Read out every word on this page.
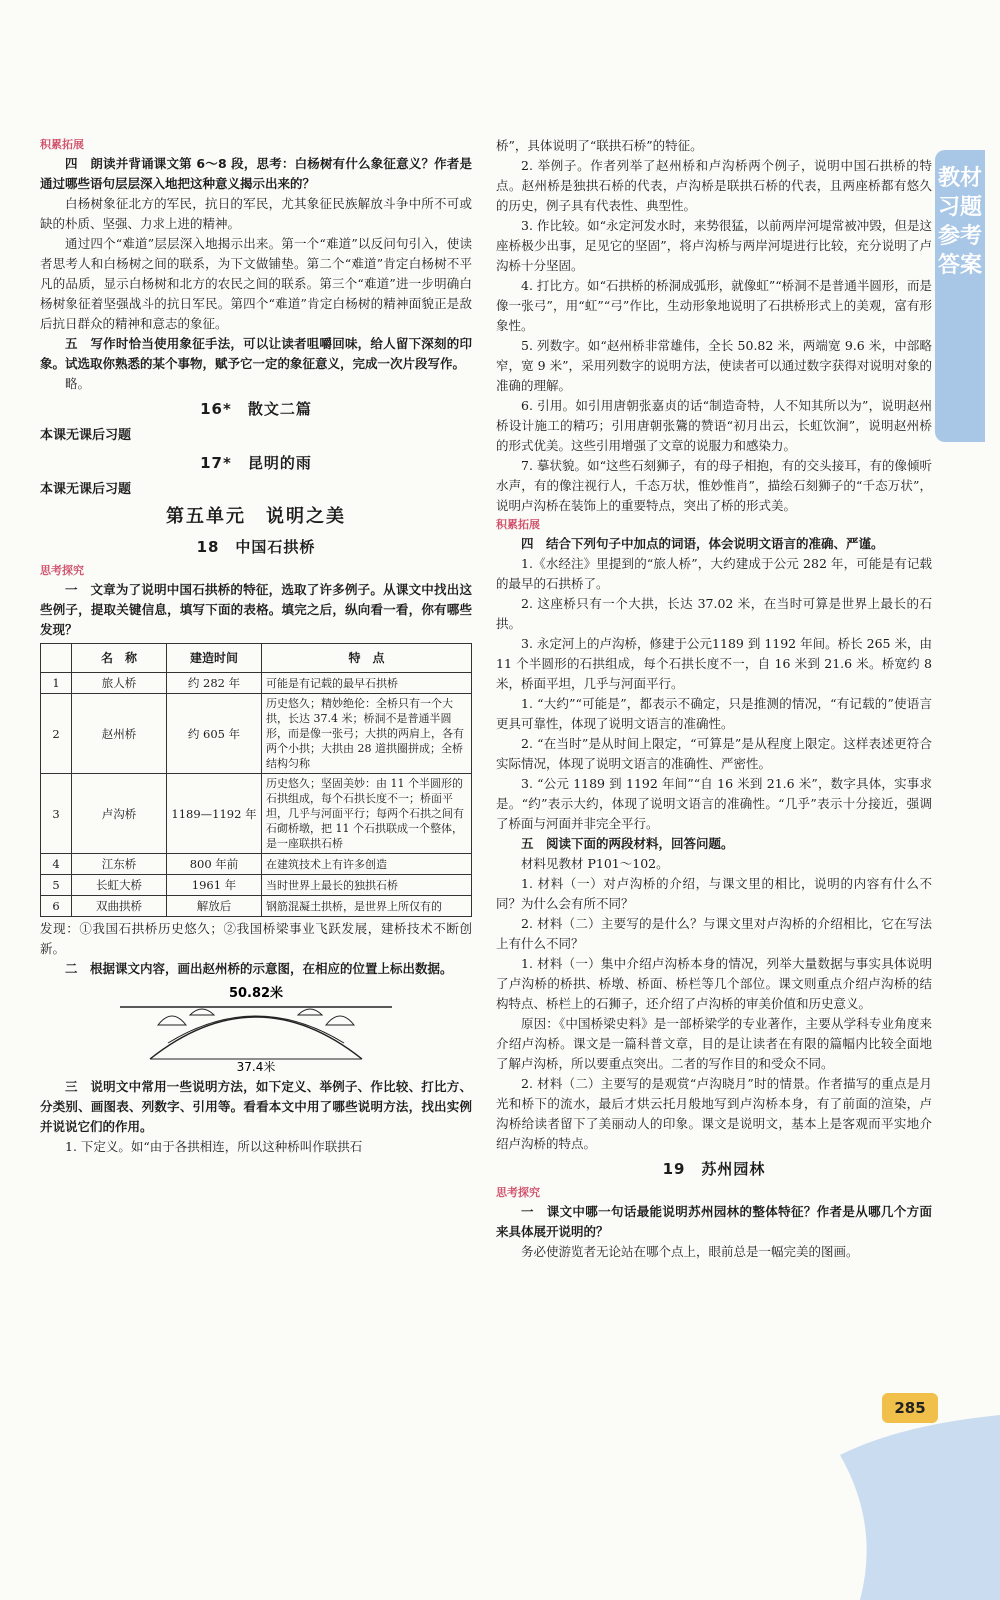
教材习题参考答案
积累拓展

四　朗读并背诵课文第 6～8 段，思考：白杨树有什么象征意义？作者是通过哪些语句层层深入地把这种意义揭示出来的？

白杨树象征北方的军民，抗日的军民，尤其象征民族解放斗争中所不可或缺的朴质、坚强、力求上进的精神。

通过四个“难道”层层深入地揭示出来。第一个“难道”以反问句引入，使读者思考人和白杨树之间的联系，为下文做铺垫。第二个“难道”肯定白杨树不平凡的品质，显示白杨树和北方的农民之间的联系。第三个“难道”进一步明确白杨树象征着坚强战斗的抗日军民。第四个“难道”肯定白杨树的精神面貌正是敌后抗日群众的精神和意志的象征。

五　写作时恰当使用象征手法，可以让读者咀嚼回味，给人留下深刻的印象。试选取你熟悉的某个事物，赋予它一定的象征意义，完成一次片段写作。

略。

16*　散文二篇
本课无课后习题
17*　昆明的雨
本课无课后习题
第五单元　说明之美
18　中国石拱桥
思考探究

一　文章为了说明中国石拱桥的特征，选取了许多例子。从课文中找出这些例子，提取关键信息，填写下面的表格。填完之后，纵向看一看，你有哪些发现？

	名　称	建造时间	特　点
1	旅人桥	约 282 年	可能是有记载的最早石拱桥
2	赵州桥	约 605 年	历史悠久；精妙绝伦：全桥只有一个大拱，长达 37.4 米；桥洞不是普通半圆形，而是像一张弓；大拱的两肩上，各有两个小拱；大拱由 28 道拱圈拼成；全桥结构匀称
3	卢沟桥	1189—1192 年	历史悠久；坚固美妙：由 11 个半圆形的石拱组成，每个石拱长度不一；桥面平坦，几乎与河面平行；每两个石拱之间有石砌桥墩，把 11 个石拱联成一个整体，是一座联拱石桥
4	江东桥	800 年前	在建筑技术上有许多创造
5	长虹大桥	1961 年	当时世界上最长的独拱石桥
6	双曲拱桥	解放后	钢筋混凝土拱桥，是世界上所仅有的

发现：①我国石拱桥历史悠久；②我国桥梁事业飞跃发展，建桥技术不断创新。

二　根据课文内容，画出赵州桥的示意图，在相应的位置上标出数据。

50.82米
37.4米

三　说明文中常用一些说明方法，如下定义、举例子、作比较、打比方、分类别、画图表、列数字、引用等。看看本文中用了哪些说明方法，找出实例并说说它们的作用。

1. 下定义。如“由于各拱相连，所以这种桥叫作联拱石

桥”，具体说明了“联拱石桥”的特征。

2. 举例子。作者列举了赵州桥和卢沟桥两个例子，说明中国石拱桥的特点。赵州桥是独拱石桥的代表，卢沟桥是联拱石桥的代表，且两座桥都有悠久的历史，例子具有代表性、典型性。

3. 作比较。如“永定河发水时，来势很猛，以前两岸河堤常被冲毁，但是这座桥极少出事，足见它的坚固”，将卢沟桥与两岸河堤进行比较，充分说明了卢沟桥十分坚固。

4. 打比方。如“石拱桥的桥洞成弧形，就像虹”“桥洞不是普通半圆形，而是像一张弓”，用“虹”“弓”作比，生动形象地说明了石拱桥形式上的美观，富有形象性。

5. 列数字。如“赵州桥非常雄伟，全长 50.82 米，两端宽 9.6 米，中部略窄，宽 9 米”，采用列数字的说明方法，使读者可以通过数字获得对说明对象的准确的理解。

6. 引用。如引用唐朝张嘉贞的话“制造奇特，人不知其所以为”，说明赵州桥设计施工的精巧；引用唐朝张鷟的赞语“初月出云，长虹饮涧”，说明赵州桥的形式优美。这些引用增强了文章的说服力和感染力。

7. 摹状貌。如“这些石刻狮子，有的母子相抱，有的交头接耳，有的像倾听水声，有的像注视行人，千态万状，惟妙惟肖”，描绘石刻狮子的“千态万状”，说明卢沟桥在装饰上的重要特点，突出了桥的形式美。

积累拓展

四　结合下列句子中加点的词语，体会说明文语言的准确、严谨。

1.《水经注》里提到的“旅人桥”，大约建成于公元 282 年，可能是有记载的最早的石拱桥了。

2. 这座桥只有一个大拱，长达 37.02 米，在当时可算是世界上最长的石拱。

3. 永定河上的卢沟桥，修建于公元1189 到 1192 年间。桥长 265 米，由 11 个半圆形的石拱组成，每个石拱长度不一，自 16 米到 21.6 米。桥宽约 8 米，桥面平坦，几乎与河面平行。

1. “大约”“可能是”，都表示不确定，只是推测的情况，“有记载的”使语言更具可靠性，体现了说明文语言的准确性。

2. “在当时”是从时间上限定，“可算是”是从程度上限定。这样表述更符合实际情况，体现了说明文语言的准确性、严密性。

3. “公元 1189 到 1192 年间”“自 16 米到 21.6 米”，数字具体，实事求是。“约”表示大约，体现了说明文语言的准确性。“几乎”表示十分接近，强调了桥面与河面并非完全平行。

五　阅读下面的两段材料，回答问题。

材料见教材 P101～102。

1. 材料（一）对卢沟桥的介绍，与课文里的相比，说明的内容有什么不同？为什么会有所不同？

2. 材料（二）主要写的是什么？与课文里对卢沟桥的介绍相比，它在写法上有什么不同？

1. 材料（一）集中介绍卢沟桥本身的情况，列举大量数据与事实具体说明了卢沟桥的桥拱、桥墩、桥面、桥栏等几个部位。课文则重点介绍卢沟桥的结构特点、桥栏上的石狮子，还介绍了卢沟桥的审美价值和历史意义。

原因：《中国桥梁史料》是一部桥梁学的专业著作，主要从学科专业角度来介绍卢沟桥。课文是一篇科普文章，目的是让读者在有限的篇幅内比较全面地了解卢沟桥，所以要重点突出。二者的写作目的和受众不同。

2. 材料（二）主要写的是观赏“卢沟晓月”时的情景。作者描写的重点是月光和桥下的流水，最后才烘云托月般地写到卢沟桥本身，有了前面的渲染，卢沟桥给读者留下了美丽动人的印象。课文是说明文，基本上是客观而平实地介绍卢沟桥的特点。

19　苏州园林
思考探究

一　课文中哪一句话最能说明苏州园林的整体特征？作者是从哪几个方面来具体展开说明的？

务必使游览者无论站在哪个点上，眼前总是一幅完美的图画。

285
